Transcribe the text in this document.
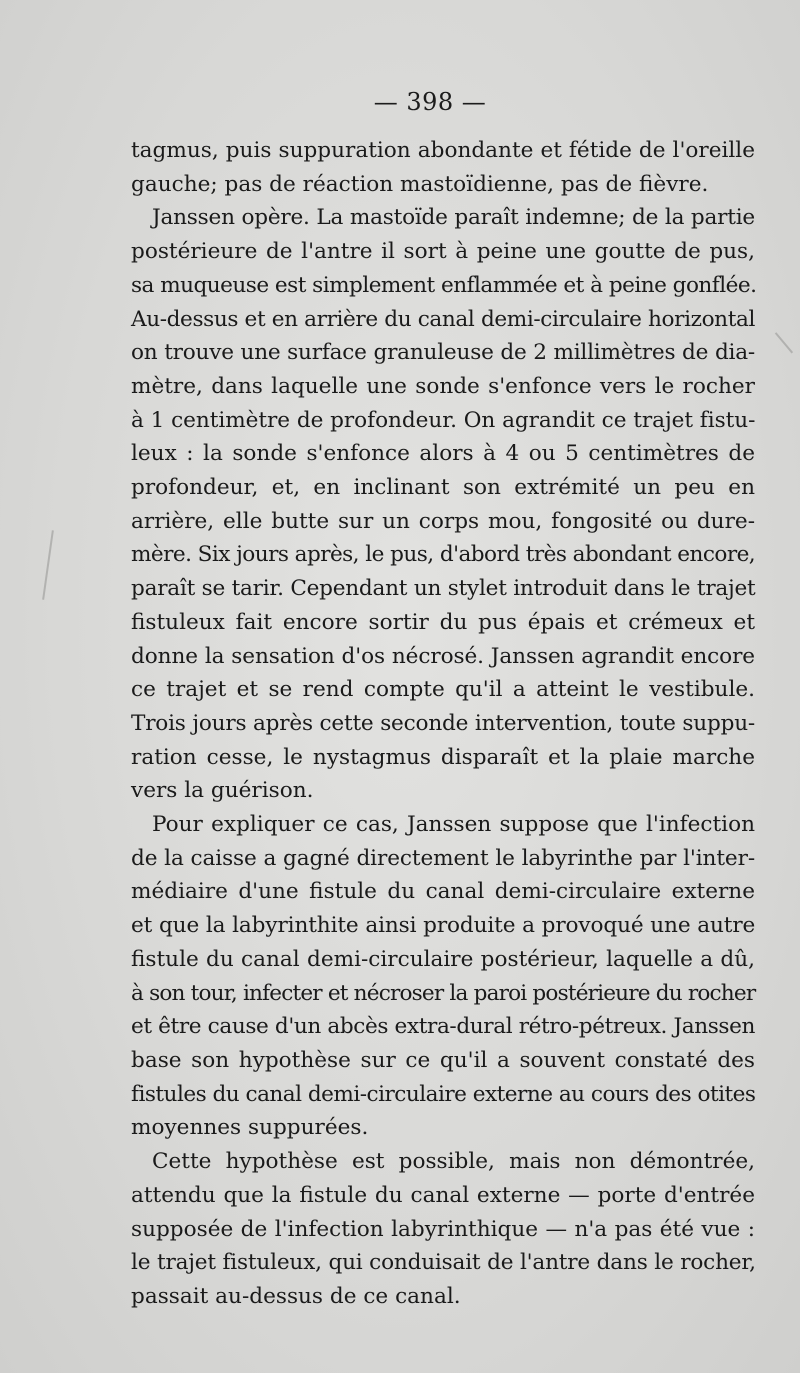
— 398 —

tagmus, puis suppuration abondante et fétide de l'oreille
gauche; pas de réaction mastoïdienne, pas de fièvre.

Janssen opère. La mastoïde paraît indemne; de la partie
postérieure de l'antre il sort à peine une goutte de pus,
sa muqueuse est simplement enflammée et à peine gonflée.
Au-dessus et en arrière du canal demi-circulaire horizontal
on trouve une surface granuleuse de 2 millimètres de dia-
mètre, dans laquelle une sonde s'enfonce vers le rocher
à 1 centimètre de profondeur. On agrandit ce trajet fistu-
leux : la sonde s'enfonce alors à 4 ou 5 centimètres de
profondeur, et, en inclinant son extrémité un peu en
arrière, elle butte sur un corps mou, fongosité ou dure-
mère. Six jours après, le pus, d'abord très abondant encore,
paraît se tarir. Cependant un stylet introduit dans le trajet
fistuleux fait encore sortir du pus épais et crémeux et
donne la sensation d'os nécrosé. Janssen agrandit encore
ce trajet et se rend compte qu'il a atteint le vestibule.
Trois jours après cette seconde intervention, toute suppu-
ration cesse, le nystagmus disparaît et la plaie marche
vers la guérison.

Pour expliquer ce cas, Janssen suppose que l'infection
de la caisse a gagné directement le labyrinthe par l'inter-
médiaire d'une fistule du canal demi-circulaire externe
et que la labyrinthite ainsi produite a provoqué une autre
fistule du canal demi-circulaire postérieur, laquelle a dû,
à son tour, infecter et nécroser la paroi postérieure du rocher
et être cause d'un abcès extra-dural rétro-pétreux. Janssen
base son hypothèse sur ce qu'il a souvent constaté des
fistules du canal demi-circulaire externe au cours des otites
moyennes suppurées.

Cette hypothèse est possible, mais non démontrée,
attendu que la fistule du canal externe — porte d'entrée
supposée de l'infection labyrinthique — n'a pas été vue :
le trajet fistuleux, qui conduisait de l'antre dans le rocher,
passait au-dessus de ce canal.
